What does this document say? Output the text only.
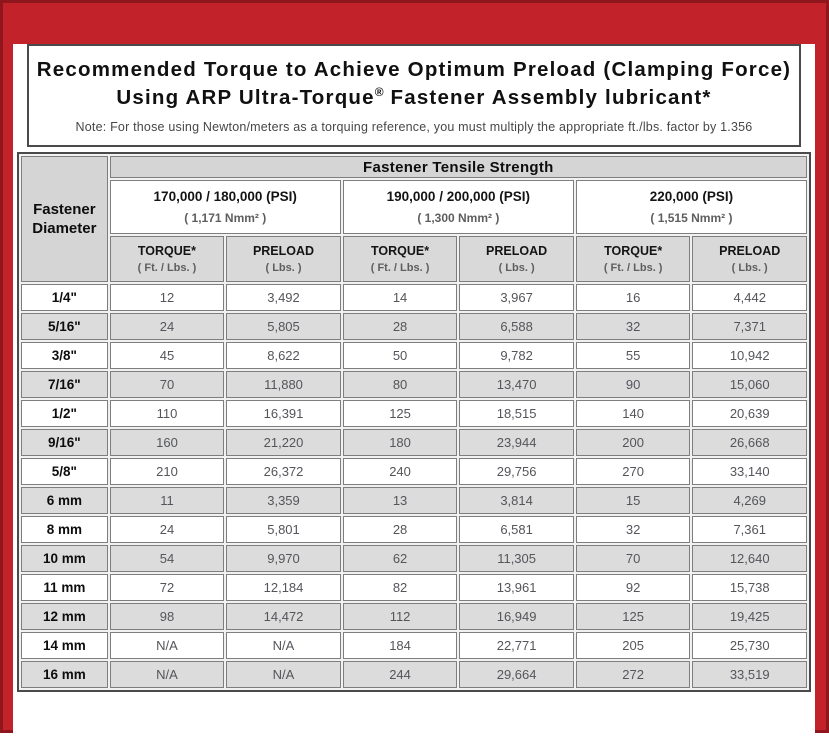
Recommended Torque to Achieve Optimum Preload (Clamping Force)
Using ARP Ultra-Torque® Fastener Assembly lubricant*
Note: For those using Newton/meters as a torquing reference, you must multiply the appropriate ft./lbs. factor by 1.356
Fastener
Diameter	Fastener Tensile Strength					

	170,000 / 180,000 (PSI)
( 1,171 Nmm² )		190,000 / 200,000 (PSI)
( 1,300 Nmm² )		220,000 (PSI)
( 1,515 Nmm² )	

	TORQUE*
( Ft. / Lbs. )	PRELOAD
( Lbs. )	TORQUE*
( Ft. / Lbs. )	PRELOAD
( Lbs. )	TORQUE*
( Ft. / Lbs. )	PRELOAD
( Lbs. )

1/4"	12	3,492	14	3,967	16	4,442
5/16"	24	5,805	28	6,588	32	7,371
3/8"	45	8,622	50	9,782	55	10,942
7/16"	70	11,880	80	13,470	90	15,060
1/2"	110	16,391	125	18,515	140	20,639
9/16"	160	21,220	180	23,944	200	26,668
5/8"	210	26,372	240	29,756	270	33,140
6 mm	11	3,359	13	3,814	15	4,269
8 mm	24	5,801	28	6,581	32	7,361
10 mm	54	9,970	62	11,305	70	12,640
11 mm	72	12,184	82	13,961	92	15,738
12 mm	98	14,472	112	16,949	125	19,425
14 mm	N/A	N/A	184	22,771	205	25,730
16 mm	N/A	N/A	244	29,664	272	33,519
